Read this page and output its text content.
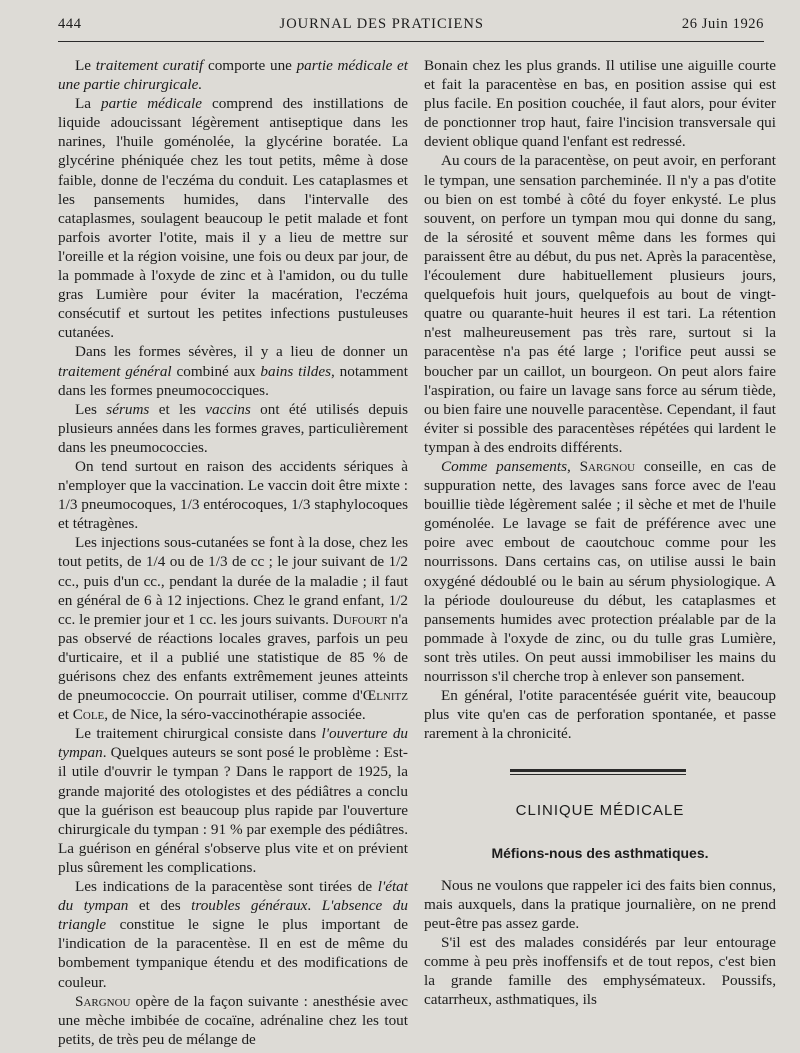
444	JOURNAL DES PRATICIENS	26 Juin 1926

Le traitement curatif comporte une partie médicale et une partie chirurgicale.

La partie médicale comprend des instillations de liquide adoucissant légèrement antiseptique dans les narines, l'huile goménolée, la glycérine boratée. La glycérine phéniquée chez les tout petits, même à dose faible, donne de l'eczéma du conduit. Les cataplasmes et les pansements humides, dans l'intervalle des cataplasmes, soulagent beaucoup le petit malade et font parfois avorter l'otite, mais il y a lieu de mettre sur l'oreille et la région voisine, une fois ou deux par jour, de la pommade à l'oxyde de zinc et à l'amidon, ou du tulle gras Lumière pour éviter la macération, l'eczéma consécutif et surtout les petites infections pustuleuses cutanées.

Dans les formes sévères, il y a lieu de donner un traitement général combiné aux bains tildes, notamment dans les formes pneumococciques.

Les sérums et les vaccins ont été utilisés depuis plusieurs années dans les formes graves, particulièrement dans les pneumococcies.

On tend surtout en raison des accidents sériques à n'employer que la vaccination. Le vaccin doit être mixte : 1/3 pneumocoques, 1/3 entérocoques, 1/3 staphylocoques et tétragènes.

Les injections sous-cutanées se font à la dose, chez les tout petits, de 1/4 ou de 1/3 de cc ; le jour suivant de 1/2 cc., puis d'un cc., pendant la durée de la maladie ; il faut en général de 6 à 12 injections. Chez le grand enfant, 1/2 cc. le premier jour et 1 cc. les jours suivants. Dufourt n'a pas observé de réactions locales graves, parfois un peu d'urticaire, et il a publié une statistique de 85 % de guérisons chez des enfants extrêmement jeunes atteints de pneumococcie. On pourrait utiliser, comme d'Œlnitz et Cole, de Nice, la séro-vaccinothérapie associée.

Le traitement chirurgical consiste dans l'ouverture du tympan. Quelques auteurs se sont posé le problème : Est-il utile d'ouvrir le tympan ? Dans le rapport de 1925, la grande majorité des otologistes et des pédiâtres a conclu que la guérison est beaucoup plus rapide par l'ouverture chirurgicale du tympan : 91 % par exemple des pédiâtres. La guérison en général s'observe plus vite et on prévient plus sûrement les complications.

Les indications de la paracentèse sont tirées de l'état du tympan et des troubles généraux. L'absence du triangle constitue le signe le plus important de l'indication de la paracentèse. Il en est de même du bombement tympanique étendu et des modifications de couleur.

Sargnou opère de la façon suivante : anesthésie avec une mèche imbibée de cocaïne, adrénaline chez les tout petits, de très peu de mélange de

Bonain chez les plus grands. Il utilise une aiguille courte et fait la paracentèse en bas, en position assise qui est plus facile. En position couchée, il faut alors, pour éviter de ponctionner trop haut, faire l'incision transversale qui devient oblique quand l'enfant est redressé.

Au cours de la paracentèse, on peut avoir, en perforant le tympan, une sensation parcheminée. Il n'y a pas d'otite ou bien on est tombé à côté du foyer enkysté. Le plus souvent, on perfore un tympan mou qui donne du sang, de la sérosité et souvent même dans les formes qui paraissent être au début, du pus net. Après la paracentèse, l'écoulement dure habituellement plusieurs jours, quelquefois huit jours, quelquefois au bout de vingt-quatre ou quarante-huit heures il est tari. La rétention n'est malheureusement pas très rare, surtout si la paracentèse n'a pas été large ; l'orifice peut aussi se boucher par un caillot, un bourgeon. On peut alors faire l'aspiration, ou faire un lavage sans force au sérum tiède, ou bien faire une nouvelle paracentèse. Cependant, il faut éviter si possible des paracentèses répétées qui lardent le tympan à des endroits différents.

Comme pansements, Sargnou conseille, en cas de suppuration nette, des lavages sans force avec de l'eau bouillie tiède légèrement salée ; il sèche et met de l'huile goménolée. Le lavage se fait de préférence avec une poire avec embout de caoutchouc comme pour les nourrissons. Dans certains cas, on utilise aussi le bain oxygéné dédoublé ou le bain au sérum physiologique. A la période douloureuse du début, les cataplasmes et pansements humides avec protection préalable par de la pommade à l'oxyde de zinc, ou du tulle gras Lumière, sont très utiles. On peut aussi immobiliser les mains du nourrisson s'il cherche trop à enlever son pansement.

En général, l'otite paracentésée guérit vite, beaucoup plus vite qu'en cas de perforation spontanée, et passe rarement à la chronicité.

CLINIQUE MÉDICALE
Méfions-nous des asthmatiques.

Nous ne voulons que rappeler ici des faits bien connus, mais auxquels, dans la pratique journalière, on ne prend peut-être pas assez garde.

S'il est des malades considérés par leur entourage comme à peu près inoffensifs et de tout repos, c'est bien la grande famille des emphysémateux. Poussifs, catarrheux, asthmatiques, ils
